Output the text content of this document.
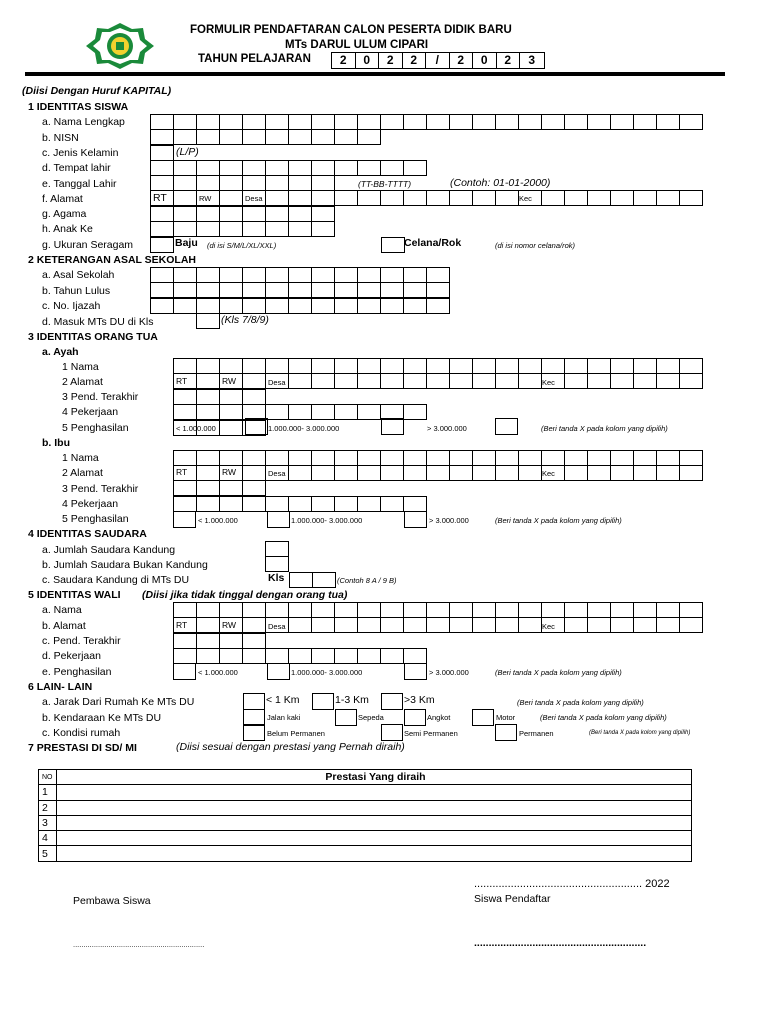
FORMULIR PENDAFTARAN CALON PESERTA DIDIK BARU
MTs DARUL ULUM CIPARI
TAHUN PELAJARAN	2	0	2	2	/	2	0	2	3
(Diisi Dengan Huruf KAPITAL)
1 IDENTITAS SISWA
a. Nama Lengkap
b. NISN
c. Jenis Kelamin	(L/P)
d. Tempat lahir
e. Tanggal Lahir	(TT-BB-TTTT)	(Contoh: 01-01-2000)
f. Alamat	RT	RW	Desa	Kec
g. Agama
h. Anak Ke
g. Ukuran Seragam	Baju (di isi S/M/L/XL/XXL)	Celana/Rok	(di isi nomor celana/rok)
2 KETERANGAN ASAL SEKOLAH
a. Asal Sekolah
b. Tahun Lulus
c. No. Ijazah
d. Masuk MTs DU di Kls	(Kls 7/8/9)
3 IDENTITAS ORANG TUA
a. Ayah
1 Nama
2 Alamat	RT	RW	Desa	Kec
3 Pend. Terakhir
4 Pekerjaan
5 Penghasilan	< 1.000.000	1.000.000- 3.000.000	> 3.000.000	(Beri tanda X pada kolom yang dipilih)
b. Ibu
1 Nama
2 Alamat	RT	RW	Desa	Kec
3 Pend. Terakhir
4 Pekerjaan
5 Penghasilan	< 1.000.000	1.000.000- 3.000.000	> 3.000.000	(Beri tanda X pada kolom yang dipilih)
4 IDENTITAS SAUDARA
a. Jumlah Saudara Kandung
b. Jumlah Saudara Bukan Kandung
c. Saudara Kandung di MTs DU	Kls	(Contoh 8 A / 9 B)
5 IDENTITAS WALI (Diisi jika tidak tinggal dengan orang tua)
a. Nama
b. Alamat	RT	RW	Desa	Kec
c. Pend. Terakhir
d. Pekerjaan
e. Penghasilan	< 1.000.000	1.000.000- 3.000.000	> 3.000.000	(Beri tanda X pada kolom yang dipilih)
6 LAIN- LAIN
a. Jarak Dari Rumah Ke MTs DU	< 1 Km	1-3 Km	>3 Km	(Beri tanda X pada kolom yang dipilih)
b. Kendaraan Ke MTs DU	Jalan kaki	Sepeda	Angkot	Motor	(Beri tanda X pada kolom yang dipilih)
c. Kondisi rumah	Belum Permanen	Semi Permanen	Permanen	(Beri tanda X pada kolom yang dipilih)
7 PRESTASI DI SD/ MI	(Diisi sesuai dengan prestasi yang Pernah diraih)
NO	Prestasi Yang diraih
1	
2	
3	
4	
5	
....................................................... 2022
Pembawa Siswa	Siswa Pendaftar
...............................................................	...........................................................
